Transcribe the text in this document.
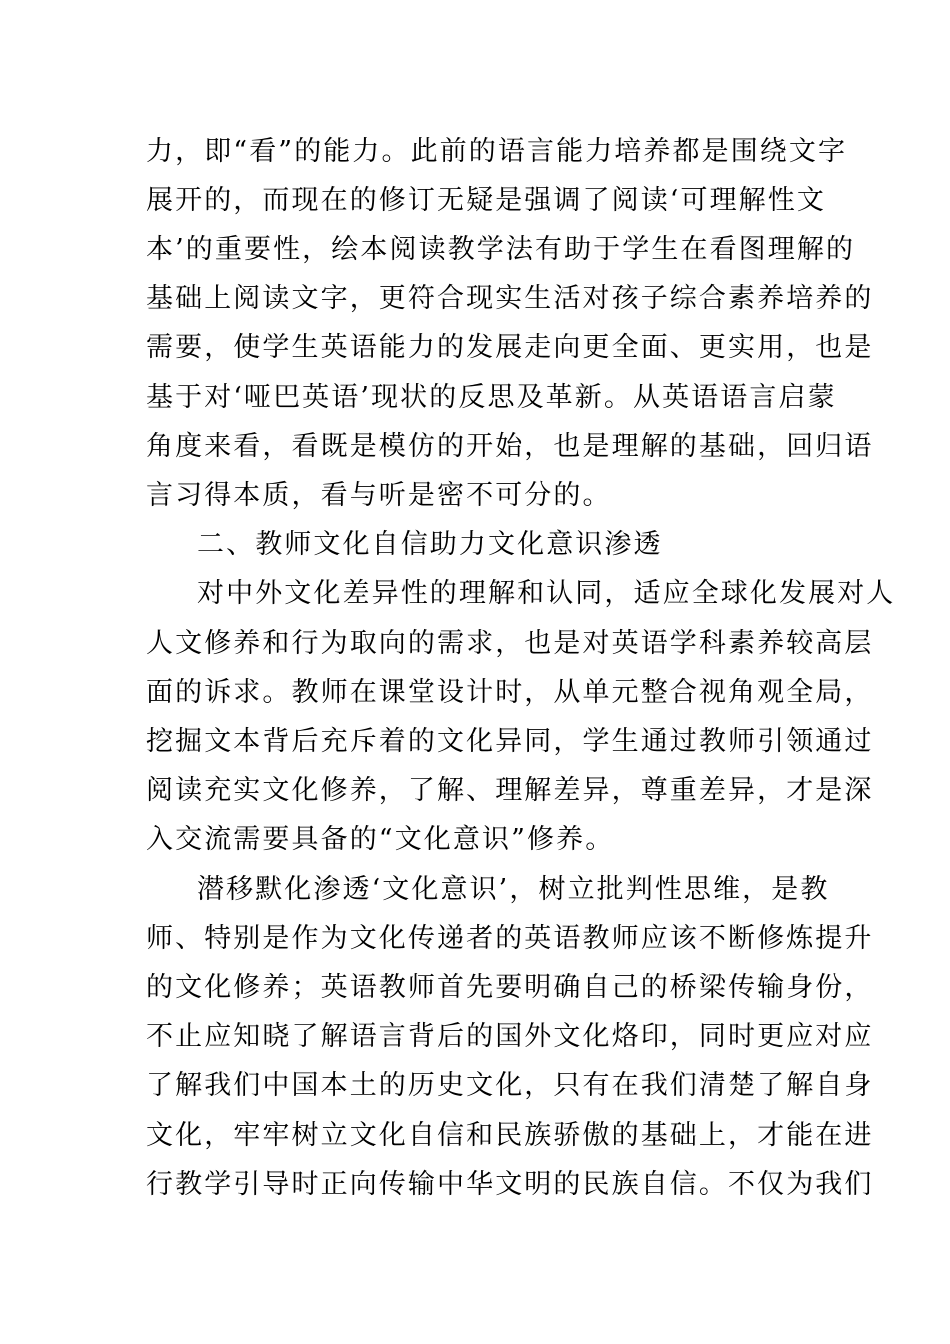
力，即“看”的能力。此前的语言能力培养都是围绕文字
展开的，而现在的修订无疑是强调了阅读‘可理解性文
本’的重要性，绘本阅读教学法有助于学生在看图理解的
基础上阅读文字，更符合现实生活对孩子综合素养培养的
需要，使学生英语能力的发展走向更全面、更实用，也是
基于对‘哑巴英语’现状的反思及革新。从英语语言启蒙
角度来看，看既是模仿的开始，也是理解的基础，回归语
言习得本质，看与听是密不可分的。
二、教师文化自信助力文化意识渗透
对中外文化差异性的理解和认同，适应全球化发展对人
人文修养和行为取向的需求，也是对英语学科素养较高层
面的诉求。教师在课堂设计时，从单元整合视角观全局，
挖掘文本背后充斥着的文化异同，学生通过教师引领通过
阅读充实文化修养，了解、理解差异，尊重差异，才是深
入交流需要具备的“文化意识”修养。
潜移默化渗透‘文化意识’，树立批判性思维，是教
师、特别是作为文化传递者的英语教师应该不断修炼提升
的文化修养；英语教师首先要明确自己的桥梁传输身份，
不止应知晓了解语言背后的国外文化烙印，同时更应对应
了解我们中国本土的历史文化，只有在我们清楚了解自身
文化，牢牢树立文化自信和民族骄傲的基础上，才能在进
行教学引导时正向传输中华文明的民族自信。不仅为我们
